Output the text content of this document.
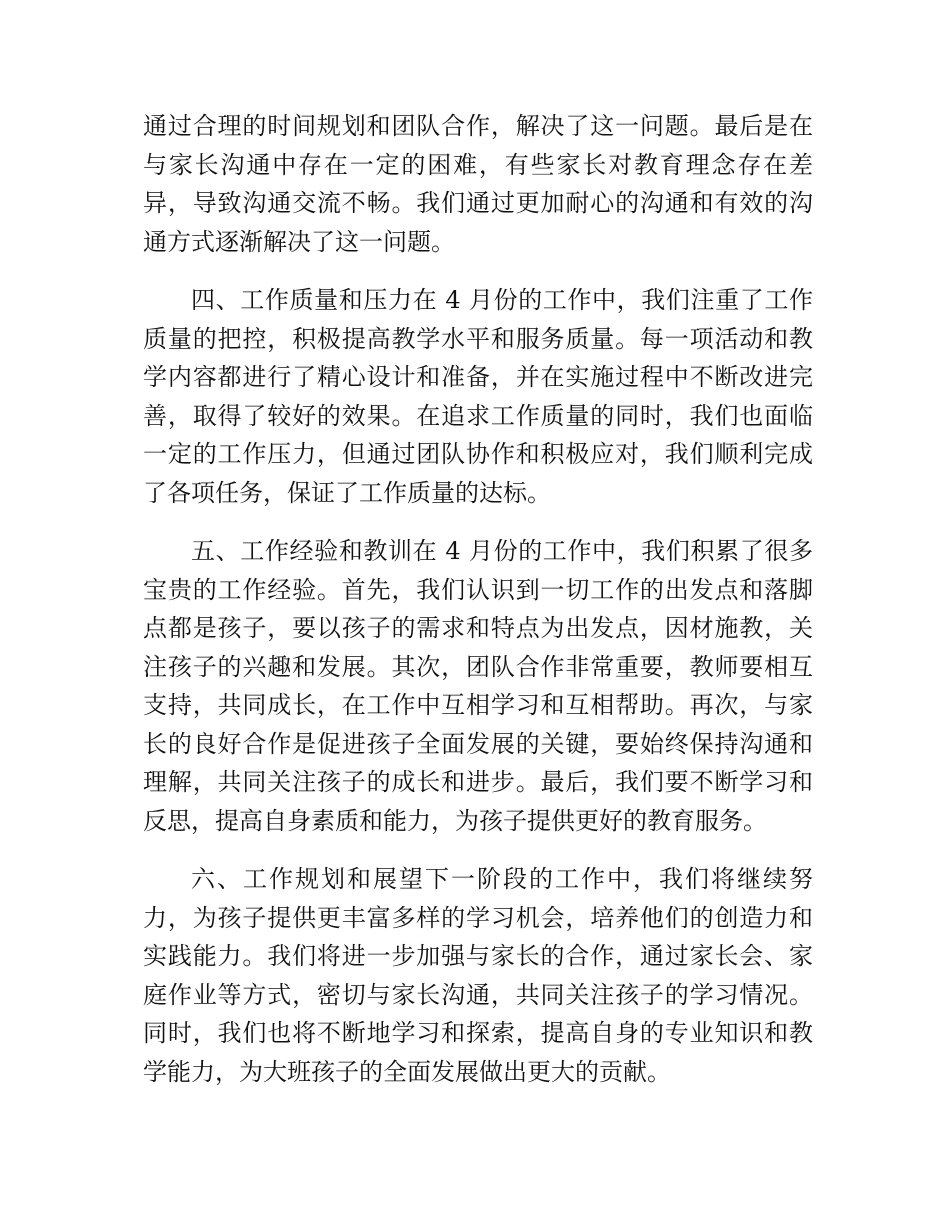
通过合理的时间规划和团队合作，解决了这一问题。最后是在与家长沟通中存在一定的困难，有些家长对教育理念存在差异，导致沟通交流不畅。我们通过更加耐心的沟通和有效的沟通方式逐渐解决了这一问题。

四、工作质量和压力在 4 月份的工作中，我们注重了工作质量的把控，积极提高教学水平和服务质量。每一项活动和教学内容都进行了精心设计和准备，并在实施过程中不断改进完善，取得了较好的效果。在追求工作质量的同时，我们也面临一定的工作压力，但通过团队协作和积极应对，我们顺利完成了各项任务，保证了工作质量的达标。

五、工作经验和教训在 4 月份的工作中，我们积累了很多宝贵的工作经验。首先，我们认识到一切工作的出发点和落脚点都是孩子，要以孩子的需求和特点为出发点，因材施教，关注孩子的兴趣和发展。其次，团队合作非常重要，教师要相互支持，共同成长，在工作中互相学习和互相帮助。再次，与家长的良好合作是促进孩子全面发展的关键，要始终保持沟通和理解，共同关注孩子的成长和进步。最后，我们要不断学习和反思，提高自身素质和能力，为孩子提供更好的教育服务。

六、工作规划和展望下一阶段的工作中，我们将继续努力，为孩子提供更丰富多样的学习机会，培养他们的创造力和实践能力。我们将进一步加强与家长的合作，通过家长会、家庭作业等方式，密切与家长沟通，共同关注孩子的学习情况。同时，我们也将不断地学习和探索，提高自身的专业知识和教学能力，为大班孩子的全面发展做出更大的贡献。
